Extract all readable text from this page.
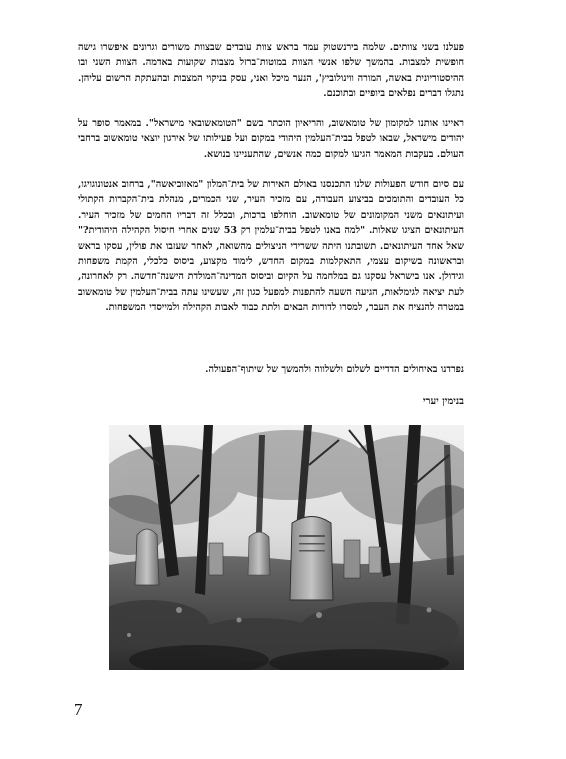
פעלנו בשני צוותים. שלמה בירנשטוק עמד בראש צוות עובדים שבצוות משורים וגרונים איפשרו גישה חופשית למצבות. בהמשך שלפו אנשי הצוות במוטות־ברזל מצבות שקועות באדמה. הצוות השני ובו ההיסטוריונית באשה, המורה ווינולוביץ', הנער מיכל ואני, עסק בניקוי המצבות ובהעתקת הרשום עליהן. נתגלו דברים נפלאים ביופיים ובתוכנם.

ראיינו אותנו למקומון של טומאשוב, והריאיון הוכתר בשם "הטומאשובאי מישראל". במאמר סופר על יהודים מישראל, שבאו לטפל בבית־העלמין היהודי במקום ועל פעילותו של אירגון יוצאי טומאשוב ברחבי העולם. בעקבות המאמר הגיעו למקום כמה אנשים, שהתעניינו בנושא.

עם סיום חודש הפעולות שלנו התכנסנו באולם האירות של בית־המלון "מאזוביאשה", ברחוב אנטונוגויגו, כל העובדים והתומכים בביצוע העבודה, עם מזכיר העיר, שני הכמרים, מנהלת בית־הקברות הקתולי ועיתונאים משני המקומונים של טומאשוב. הוחלפו ברכות, ובכלל זה דבריו החמים של מזכיר העיר. העיתונאים הציגו שאלות. "למה באנו לטפל בבית־עלמין רק 53 שנים אחרי חיסול הקהילה היהודית?" שאל אחד העיתונאים. תשובתנו היתה ששרידי הניצולים מהשואה, לאחר שעזבו את פולין, עסקו בראש ובראשונה בשיקום עצמי, התאקלמות במקום החדש, לימוד מקצוע, ביסוס כלכלי, הקמת משפחות וגידולן. אנו בישראל עסקנו גם במלחמה על הקיום וביסוס המדינה־המולדת הישנה־חדשה. רק לאחרונה, לעת יציאה לגימלאות, הגיעה השעה להתפנות למפעל כגון זה, שעשינו עתה בבית־העלמין של טומאשוב במטרה להנציח את העבר, למסרו לדורות הבאים ולתת כבוד לאבות הקהילה ולמייסדי המשפחות.

נפרדנו באיחולים הדדיים לשלום ולשלווה ולהמשך של שיתוף־הפעולה.

בנימין יערי

7
